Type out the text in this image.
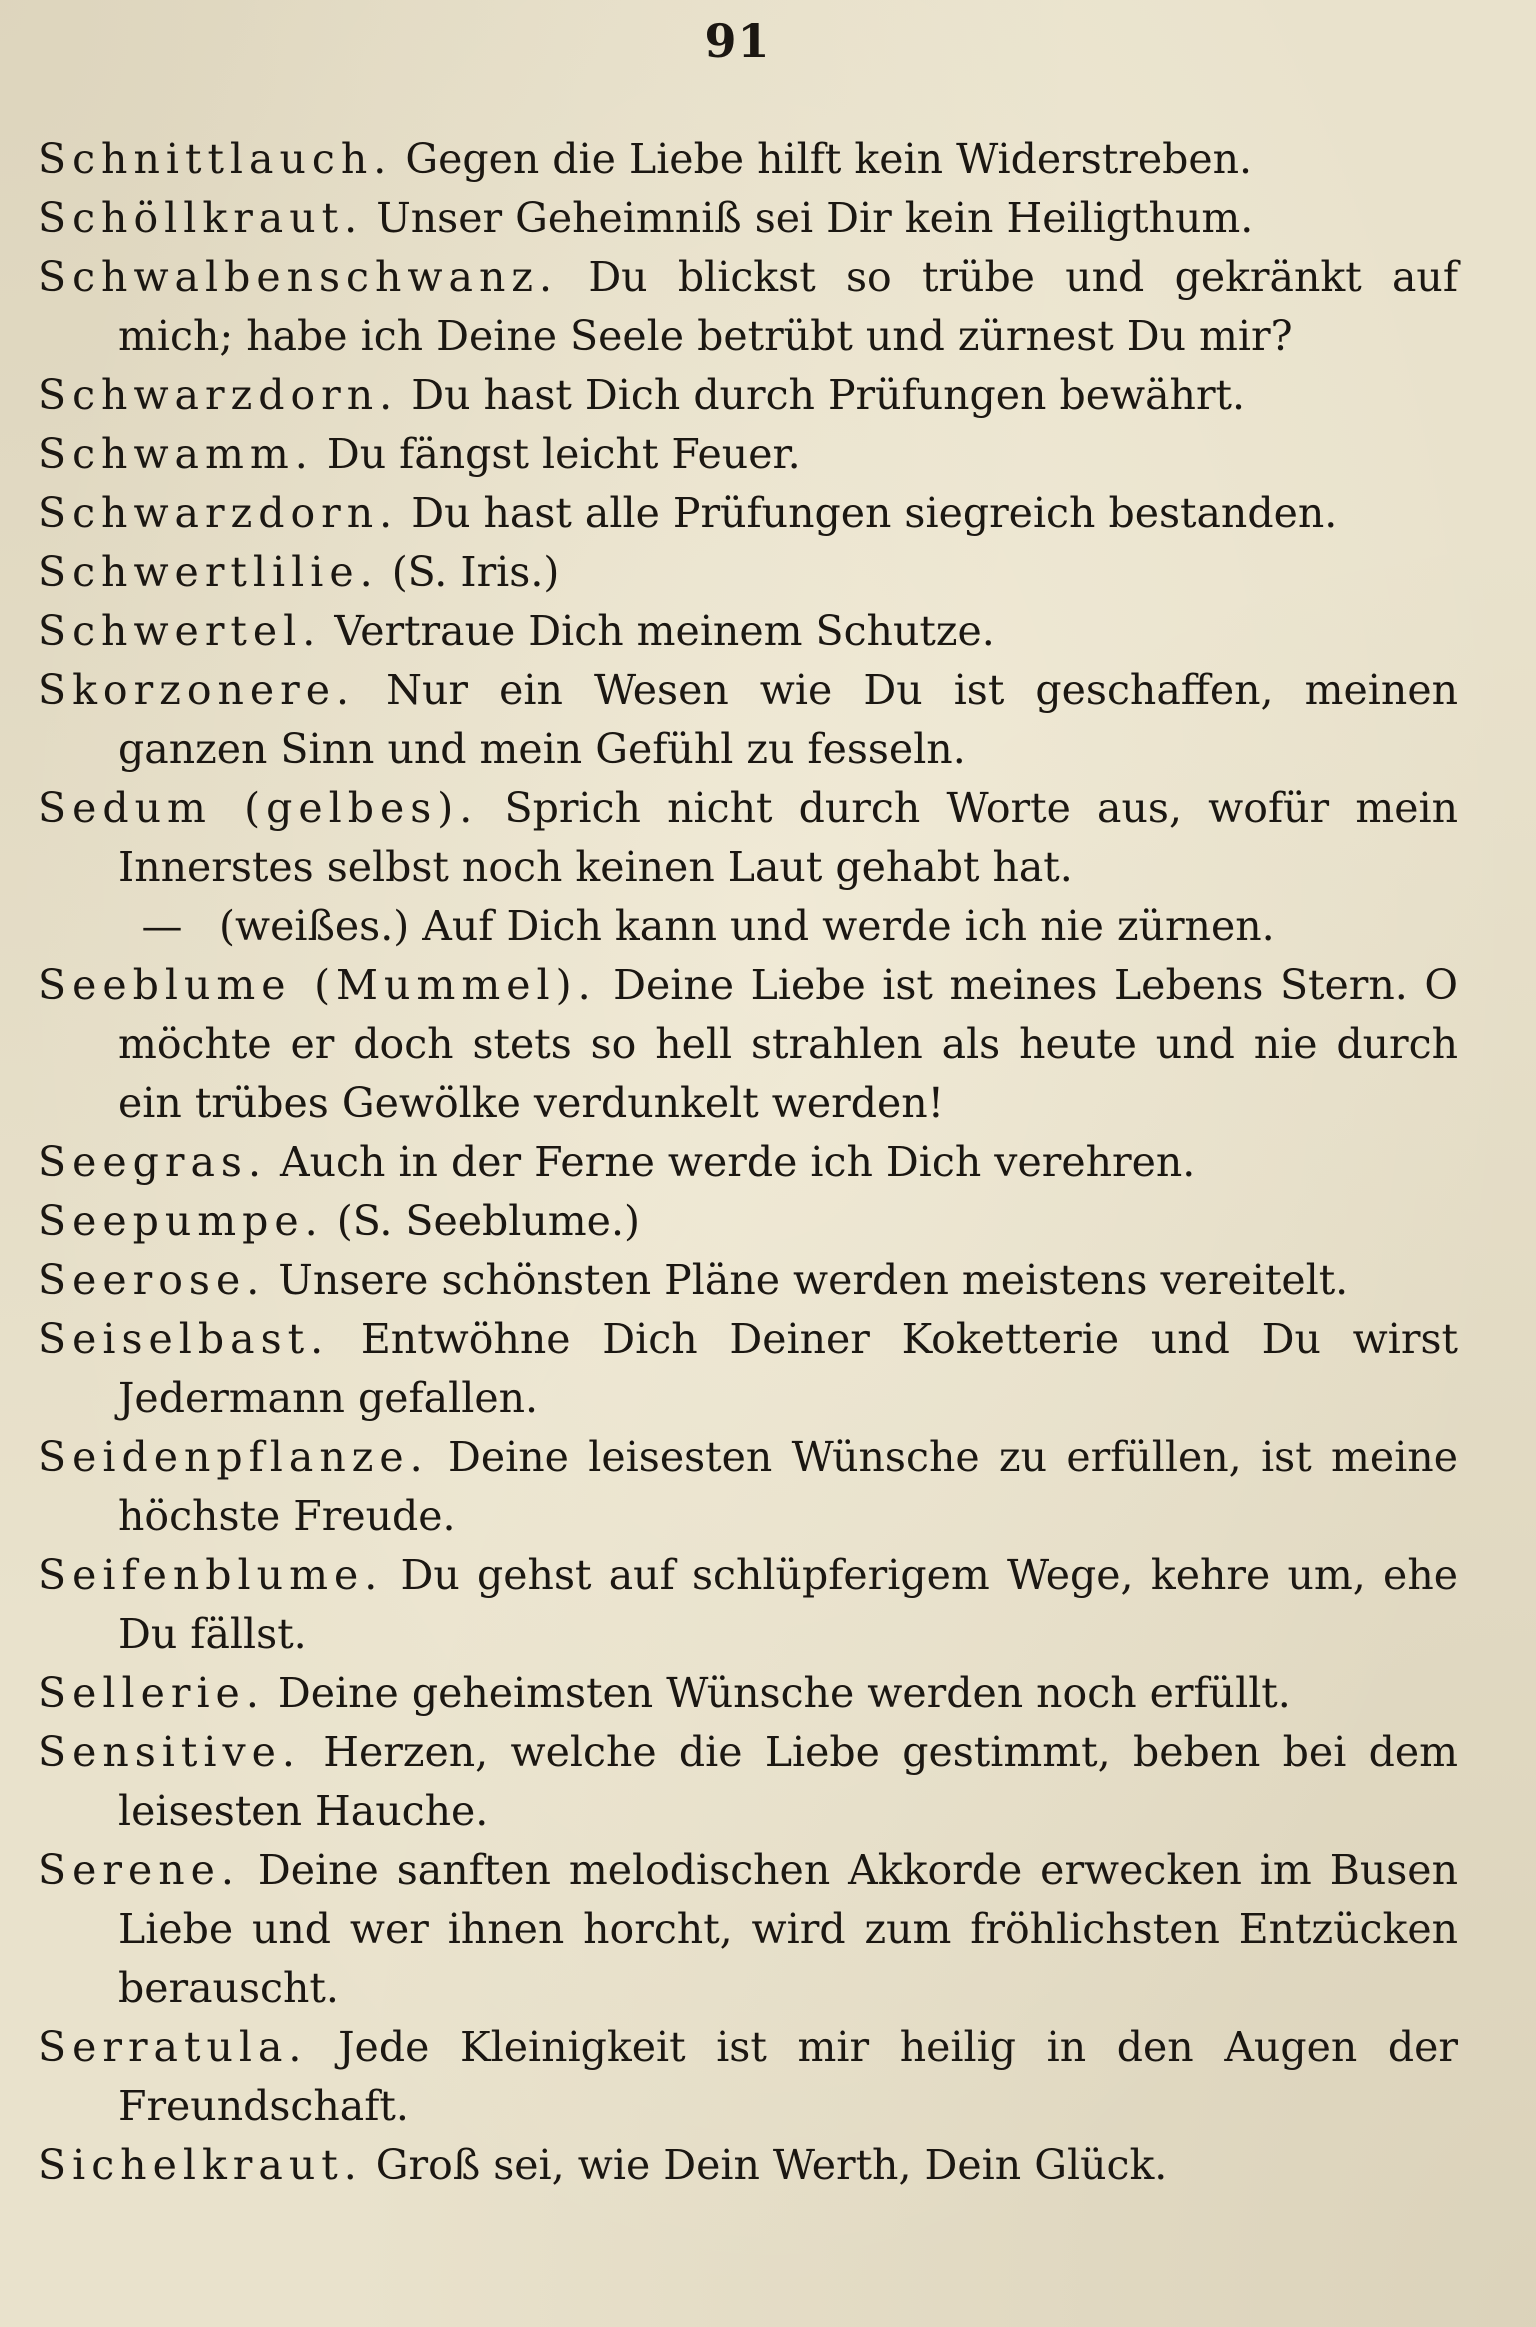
91

Schnittlauch. Gegen die Liebe hilft kein Widerstreben.

Schöllkraut. Unser Geheimniß sei Dir kein Heiligthum.

Schwalbenschwanz. Du blickst so trübe und gekränkt auf mich; habe ich Deine Seele betrübt und zürnest Du mir?

Schwarzdorn. Du hast Dich durch Prüfungen bewährt.

Schwamm. Du fängst leicht Feuer.

Schwarzdorn. Du hast alle Prüfungen siegreich bestanden.

Schwertlilie. (S. Iris.)

Schwertel. Vertraue Dich meinem Schutze.

Skorzonere. Nur ein Wesen wie Du ist geschaffen, meinen ganzen Sinn und mein Gefühl zu fesseln.

Sedum (gelbes). Sprich nicht durch Worte aus, wofür mein Innerstes selbst noch keinen Laut gehabt hat.

— (weißes.) Auf Dich kann und werde ich nie zürnen.

Seeblume (Mummel). Deine Liebe ist meines Lebens Stern. O möchte er doch stets so hell strahlen als heute und nie durch ein trübes Gewölke verdunkelt werden!

Seegras. Auch in der Ferne werde ich Dich verehren.

Seepumpe. (S. Seeblume.)

Seerose. Unsere schönsten Pläne werden meistens vereitelt.

Seiselbast. Entwöhne Dich Deiner Koketterie und Du wirst Jedermann gefallen.

Seidenpflanze. Deine leisesten Wünsche zu erfüllen, ist meine höchste Freude.

Seifenblume. Du gehst auf schlüpferigem Wege, kehre um, ehe Du fällst.

Sellerie. Deine geheimsten Wünsche werden noch erfüllt.

Sensitive. Herzen, welche die Liebe gestimmt, beben bei dem leisesten Hauche.

Serene. Deine sanften melodischen Akkorde erwecken im Busen Liebe und wer ihnen horcht, wird zum fröhlichsten Entzücken berauscht.

Serratula. Jede Kleinigkeit ist mir heilig in den Augen der Freundschaft.

Sichelkraut. Groß sei, wie Dein Werth, Dein Glück.
